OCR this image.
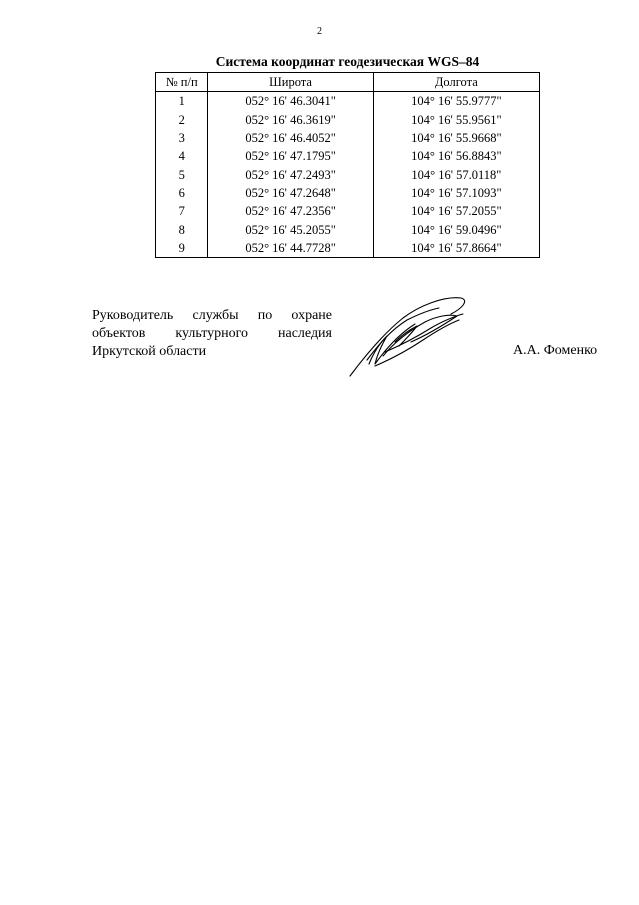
2
Система координат геодезическая WGS–84
№ п/п	Широта	Долгота
1	052° 16' 46.3041"	104° 16' 55.9777"
2	052° 16' 46.3619"	104° 16' 55.9561"
3	052° 16' 46.4052"	104° 16' 55.9668"
4	052° 16' 47.1795"	104° 16' 56.8843"
5	052° 16' 47.2493"	104° 16' 57.0118"
6	052° 16' 47.2648"	104° 16' 57.1093"
7	052° 16' 47.2356"	104° 16' 57.2055"
8	052° 16' 45.2055"	104° 16' 59.0496"
9	052° 16' 44.7728"	104° 16' 57.8664"
Руководитель службы по охране
объектов культурного наследия
Иркутской области	А.А. Фоменко
